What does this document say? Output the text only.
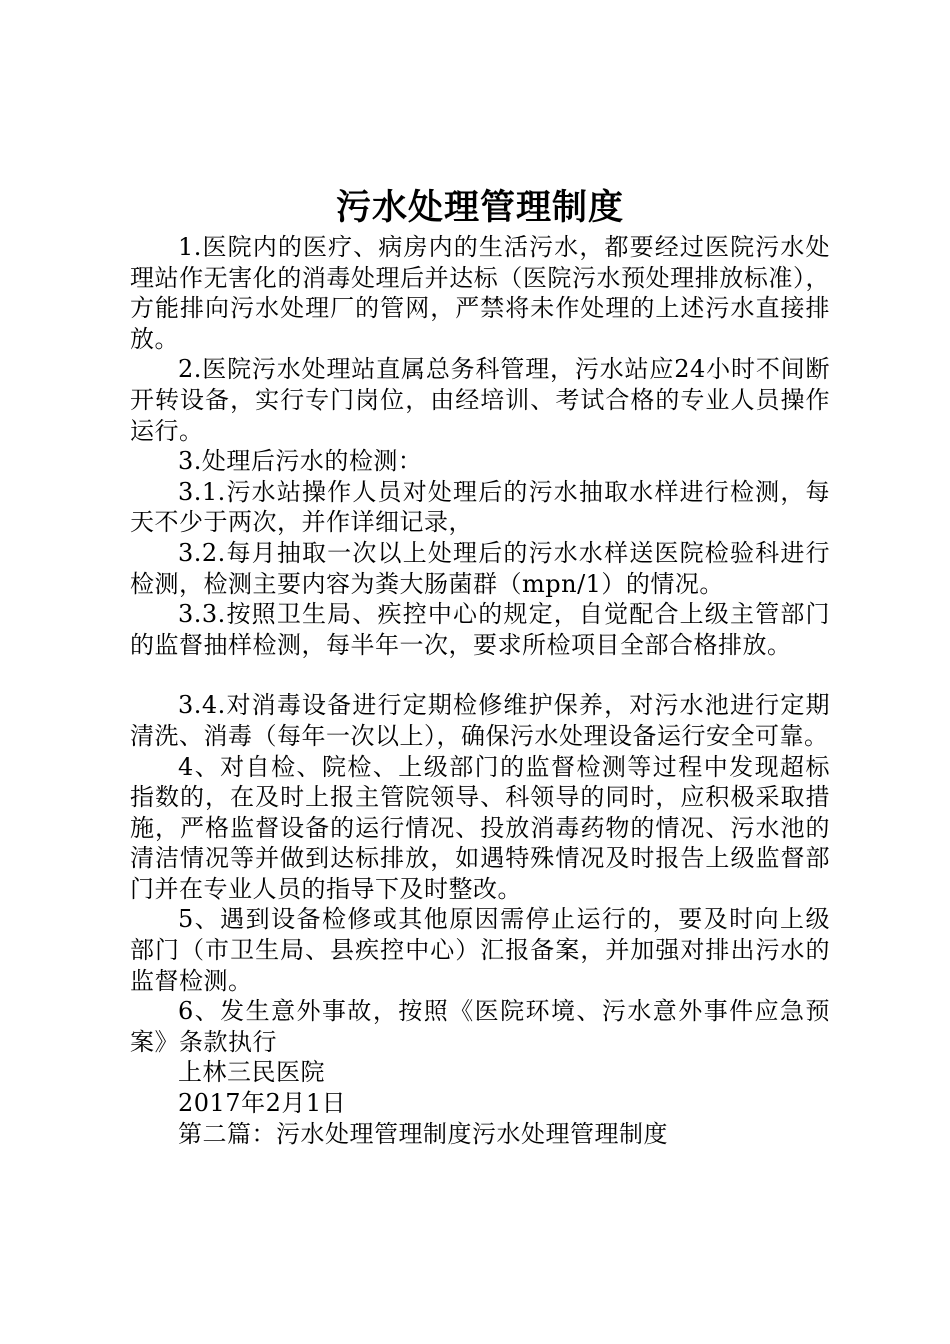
污水处理管理制度

1.医院内的医疗、病房内的生活污水，都要经过医院污水处理站作无害化的消毒处理后并达标（医院污水预处理排放标准），方能排向污水处理厂的管网，严禁将未作处理的上述污水直接排放。

2.医院污水处理站直属总务科管理，污水站应24小时不间断开转设备，实行专门岗位，由经培训、考试合格的专业人员操作运行。

3.处理后污水的检测：

3.1.污水站操作人员对处理后的污水抽取水样进行检测，每天不少于两次，并作详细记录，

3.2.每月抽取一次以上处理后的污水水样送医院检验科进行检测，检测主要内容为粪大肠菌群（mpn/1）的情况。

3.3.按照卫生局、疾控中心的规定，自觉配合上级主管部门的监督抽样检测，每半年一次，要求所检项目全部合格排放。

3.4.对消毒设备进行定期检修维护保养，对污水池进行定期清洗、消毒（每年一次以上），确保污水处理设备运行安全可靠。

4、对自检、院检、上级部门的监督检测等过程中发现超标指数的，在及时上报主管院领导、科领导的同时，应积极采取措施，严格监督设备的运行情况、投放消毒药物的情况、污水池的清洁情况等并做到达标排放，如遇特殊情况及时报告上级监督部门并在专业人员的指导下及时整改。

5、遇到设备检修或其他原因需停止运行的，要及时向上级部门（市卫生局、县疾控中心）汇报备案，并加强对排出污水的监督检测。

6、发生意外事故，按照《医院环境、污水意外事件应急预案》条款执行

上林三民医院

2017年2月1日

第二篇：污水处理管理制度污水处理管理制度
